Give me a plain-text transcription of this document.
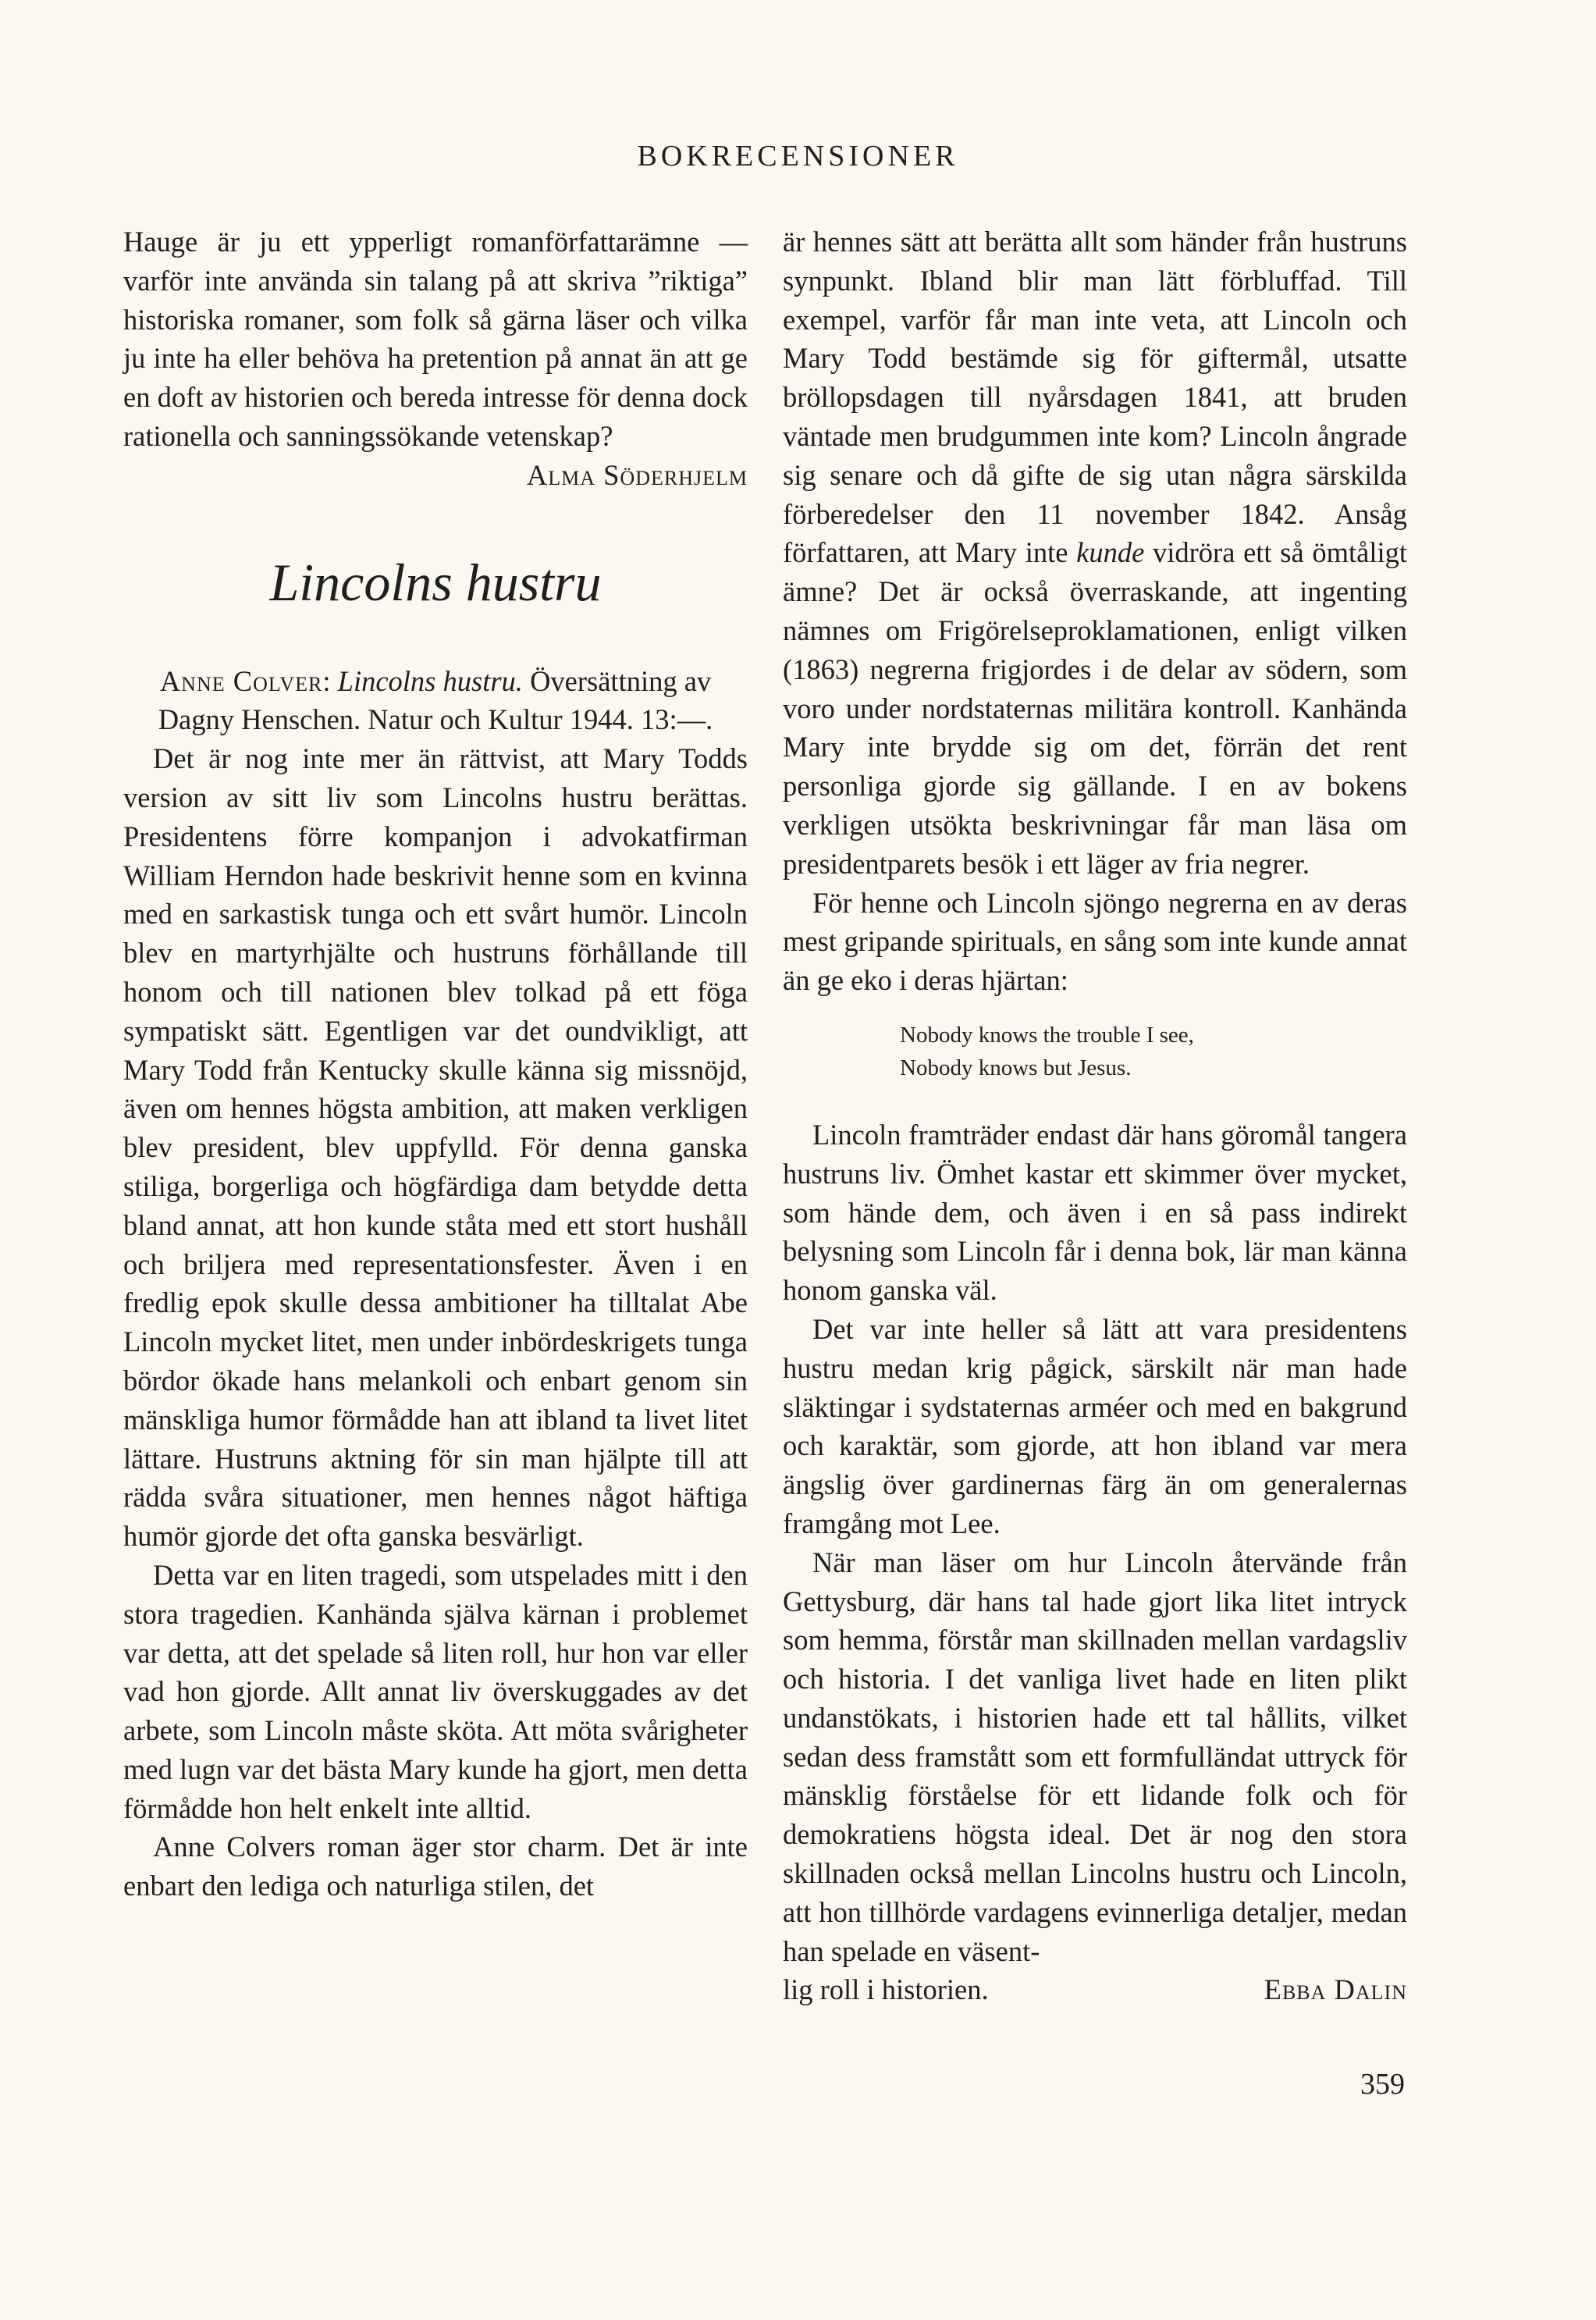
BOKRECENSIONER

Hauge är ju ett ypperligt romanförfattarämne — varför inte använda sin talang på att skriva ”riktiga” historiska romaner, som folk så gärna läser och vilka ju inte ha eller behöva ha pretention på annat än att ge en doft av historien och bereda intresse för denna dock rationella och sanningssökande vetenskap?

Alma Söderhjelm

Lincolns hustru

Anne Colver: Lincolns hustru. Översättning av Dagny Henschen. Natur och Kultur 1944. 13:—.

Det är nog inte mer än rättvist, att Mary Todds version av sitt liv som Lincolns hustru berättas. Presidentens förre kompanjon i advokatfirman William Herndon hade beskrivit henne som en kvinna med en sarkastisk tunga och ett svårt humör. Lincoln blev en martyrhjälte och hustruns förhållande till honom och till nationen blev tolkad på ett föga sympatiskt sätt. Egentligen var det oundvikligt, att Mary Todd från Kentucky skulle känna sig missnöjd, även om hennes högsta ambition, att maken verkligen blev president, blev uppfylld. För denna ganska stiliga, borgerliga och högfärdiga dam betydde detta bland annat, att hon kunde ståta med ett stort hushåll och briljera med representationsfester. Även i en fredlig epok skulle dessa ambitioner ha tilltalat Abe Lincoln mycket litet, men under inbördeskrigets tunga bördor ökade hans melankoli och enbart genom sin mänskliga humor förmådde han att ibland ta livet litet lättare. Hustruns aktning för sin man hjälpte till att rädda svåra situationer, men hennes något häftiga humör gjorde det ofta ganska besvärligt.

Detta var en liten tragedi, som utspelades mitt i den stora tragedien. Kanhända själva kärnan i problemet var detta, att det spelade så liten roll, hur hon var eller vad hon gjorde. Allt annat liv överskuggades av det arbete, som Lincoln måste sköta. Att möta svårigheter med lugn var det bästa Mary kunde ha gjort, men detta förmådde hon helt enkelt inte alltid.

Anne Colvers roman äger stor charm. Det är inte enbart den lediga och naturliga stilen, det

är hennes sätt att berätta allt som händer från hustruns synpunkt. Ibland blir man lätt förbluffad. Till exempel, varför får man inte veta, att Lincoln och Mary Todd bestämde sig för giftermål, utsatte bröllopsdagen till nyårsdagen 1841, att bruden väntade men brudgummen inte kom? Lincoln ångrade sig senare och då gifte de sig utan några särskilda förberedelser den 11 november 1842. Ansåg författaren, att Mary inte kunde vidröra ett så ömtåligt ämne? Det är också överraskande, att ingenting nämnes om Frigörelseproklamationen, enligt vilken (1863) negrerna frigjordes i de delar av södern, som voro under nordstaternas militära kontroll. Kanhända Mary inte brydde sig om det, förrän det rent personliga gjorde sig gällande. I en av bokens verkligen utsökta beskrivningar får man läsa om presidentparets besök i ett läger av fria negrer.

För henne och Lincoln sjöngo negrerna en av deras mest gripande spirituals, en sång som inte kunde annat än ge eko i deras hjärtan:

Nobody knows the trouble I see,
Nobody knows but Jesus.

Lincoln framträder endast där hans göromål tangera hustruns liv. Ömhet kastar ett skimmer över mycket, som hände dem, och även i en så pass indirekt belysning som Lincoln får i denna bok, lär man känna honom ganska väl.

Det var inte heller så lätt att vara presidentens hustru medan krig pågick, särskilt när man hade släktingar i sydstaternas arméer och med en bakgrund och karaktär, som gjorde, att hon ibland var mera ängslig över gardinernas färg än om generalernas framgång mot Lee.

När man läser om hur Lincoln återvände från Gettysburg, där hans tal hade gjort lika litet intryck som hemma, förstår man skillnaden mellan vardagsliv och historia. I det vanliga livet hade en liten plikt undanstökats, i historien hade ett tal hållits, vilket sedan dess framstått som ett formfulländat uttryck för mänsklig förståelse för ett lidande folk och för demokratiens högsta ideal. Det är nog den stora skillnaden också mellan Lincolns hustru och Lincoln, att hon tillhörde vardagens evinnerliga detaljer, medan han spelade en väsent-

lig roll i historien.	Ebba Dalin

359
